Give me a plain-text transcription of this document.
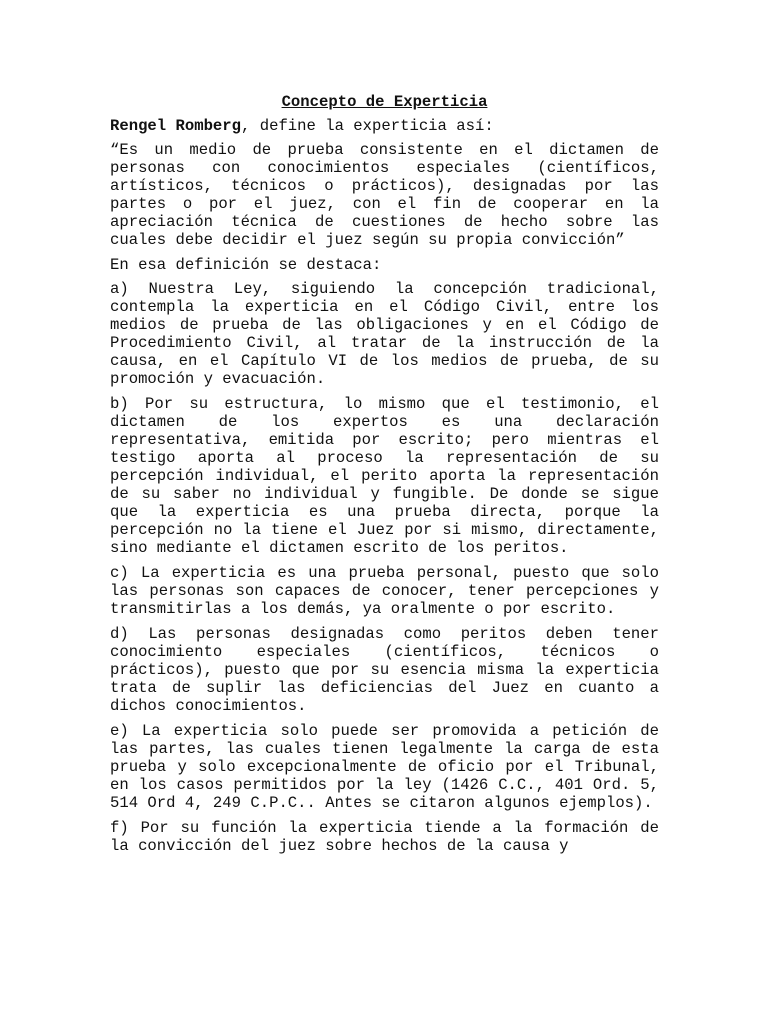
Concepto de Experticia
Rengel Romberg, define la experticia así:
“Es un medio de prueba consistente en el dictamen de personas con conocimientos especiales (científicos, artísticos, técnicos o prácticos), designadas por las partes o por el juez, con el fin de cooperar en la apreciación técnica de cuestiones de hecho sobre las cuales debe decidir el juez según su propia convicción”
En esa definición se destaca:
a) Nuestra Ley, siguiendo la concepción tradicional, contempla la experticia en el Código Civil, entre los medios de prueba de las obligaciones y en el Código de Procedimiento Civil, al tratar de la instrucción de la causa, en el Capítulo VI de los medios de prueba, de su promoción y evacuación.
b) Por su estructura, lo mismo que el testimonio, el dictamen de los expertos es una declaración representativa, emitida por escrito; pero mientras el testigo aporta al proceso la representación de su percepción individual, el perito aporta la representación de su saber no individual y fungible. De donde se sigue que la experticia es una prueba directa, porque la percepción no la tiene el Juez por si mismo, directamente, sino mediante el dictamen escrito de los peritos.
c) La experticia es una prueba personal, puesto que solo las personas son capaces de conocer, tener percepciones y transmitirlas a los demás, ya oralmente o por escrito.
d) Las personas designadas como peritos deben tener conocimiento especiales (científicos, técnicos o prácticos), puesto que por su esencia misma la experticia trata de suplir las deficiencias del Juez en cuanto a dichos conocimientos.
e) La experticia solo puede ser promovida a petición de las partes, las cuales tienen legalmente la carga de esta prueba y solo excepcionalmente de oficio por el Tribunal, en los casos permitidos por la ley (1426 C.C., 401 Ord. 5, 514 Ord 4, 249 C.P.C.. Antes se citaron algunos ejemplos).
f) Por su función la experticia tiende a la formación de la convicción del juez sobre hechos de la causa y
